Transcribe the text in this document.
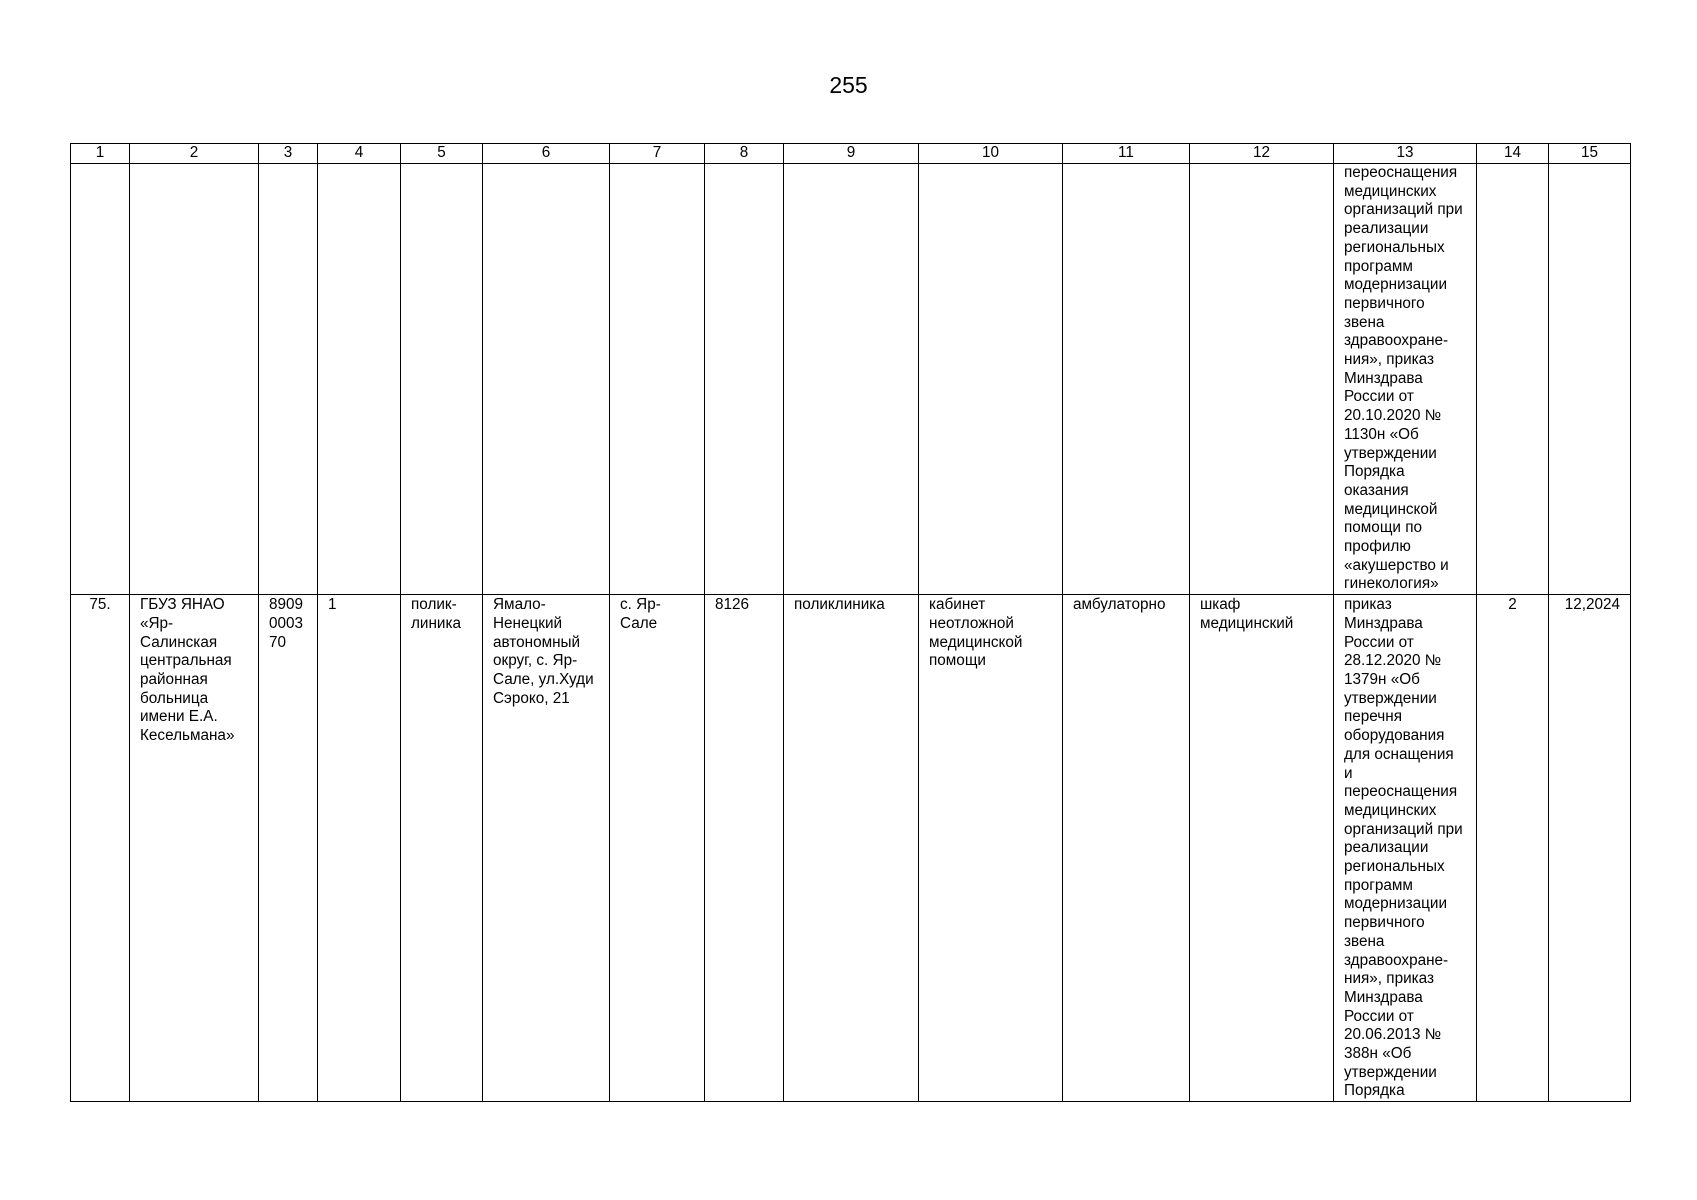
255
1	2	3	4	5	6	7	8	9	10	11	12	13	14	15
												переоснащения медицинских организаций при реализации региональных программ модернизации первичного звена здравоохране-ния», приказ Минздрава России от 20.10.2020 № 1130н «Об утверждении Порядка оказания медицинской помощи по профилю «акушерство и гинекология»		
75.	ГБУЗ ЯНАО «Яр-Салинская центральная районная больница имени Е.А. Кесельмана»	8909 0003 70	1	полик-линика	Ямало-Ненецкий автономный округ, с. Яр-Сале, ул.Худи Сэроко, 21	с. Яр-Сале	8126	поликлиника	кабинет неотложной медицинской помощи	амбулаторно	шкаф медицинский	приказ Минздрава России от 28.12.2020 № 1379н «Об утверждении перечня оборудования для оснащения и переоснащения медицинских организаций при реализации региональных программ модернизации первичного звена здравоохране-ния», приказ Минздрава России от 20.06.2013 № 388н «Об утверждении Порядка	2	12,2024
